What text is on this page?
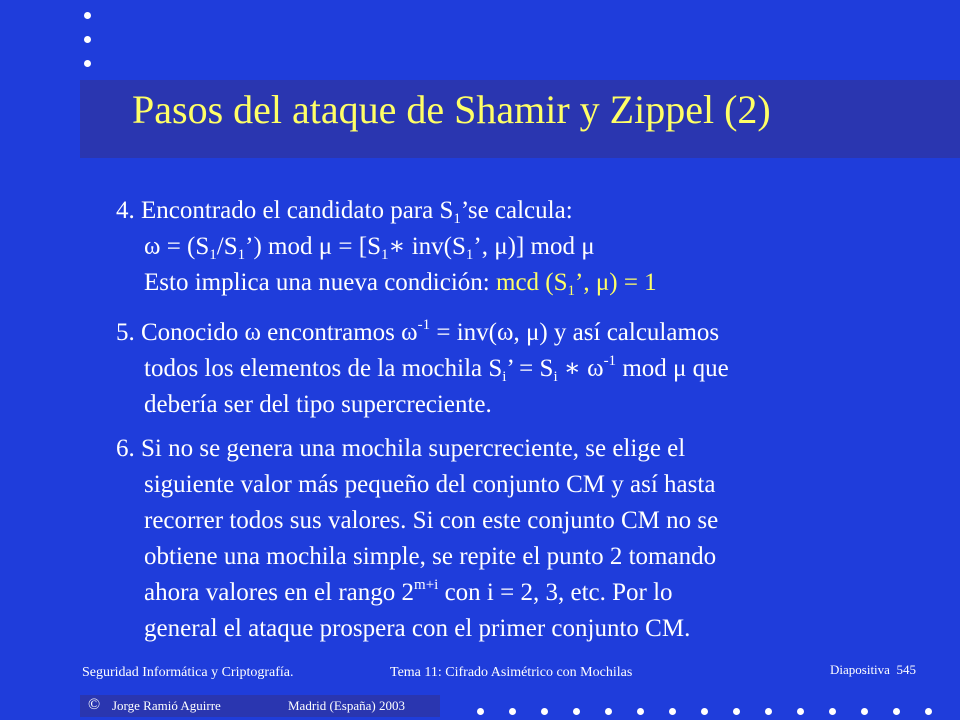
Pasos del ataque de Shamir y Zippel (2)
4. Encontrado el candidato para $S_1’se$ calcula:
$\omega = (S_1/S_1’)$ mod $\mu = [S_1∗$ $inv(S_1$’, μ)] mod μ
Esto implica una nueva condición: mcd ($S_1$’, μ) = 1
5. Conocido ω encontramos $\omega^{-1} = inv(\omega$, μ) y así calculamos
todos los elementos de la mochila $S_i$’ = $S_i$ ∗ $\omega^{-1}$ mod μ que
debería ser del tipo supercreciente.
6. Si no se genera una mochila supercreciente, se elige el
siguiente valor más pequeño del conjunto CM y así hasta
recorrer todos sus valores. Si con este conjunto CM no se
obtiene una mochila simple, se repite el punto 2 tomando
ahora valores en el rango $2^{m+i}$ con i = 2, 3, etc. Por lo
general el ataque prospera con el primer conjunto CM.
Seguridad Informática y Criptografía.	Tema 11: Cifrado Asimétrico con Mochilas	Diapositiva 545
© Jorge Ramió Aguirre	Madrid (España) 2003
